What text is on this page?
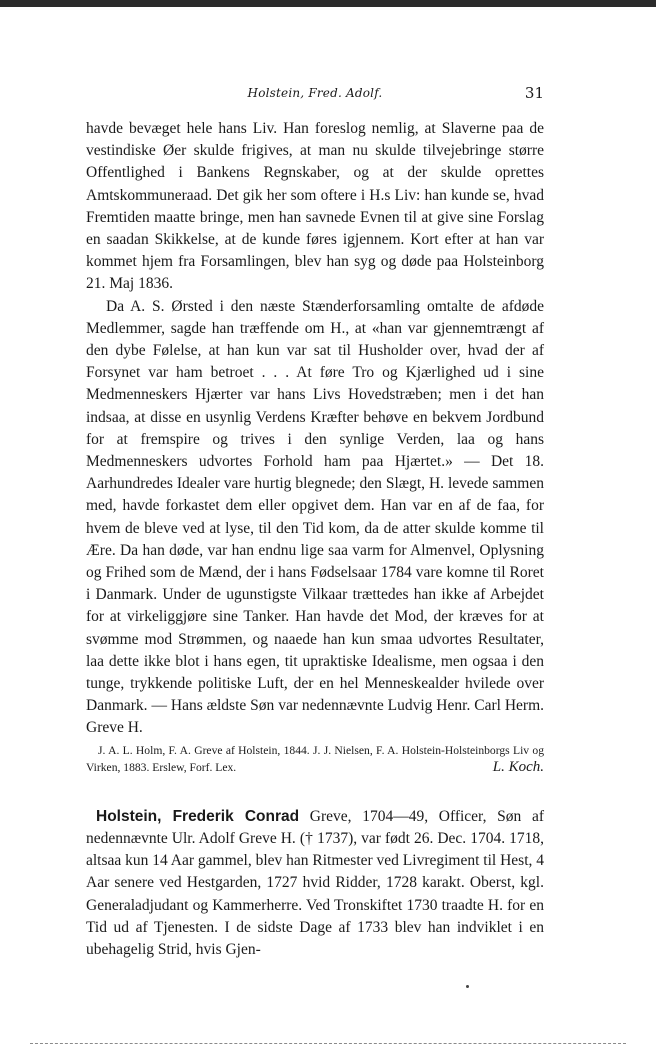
Holstein, Fred. Adolf.	31

havde bevæget hele hans Liv. Han foreslog nemlig, at Slaverne paa de vestindiske Øer skulde frigives, at man nu skulde tilvejebringe større Offentlighed i Bankens Regnskaber, og at der skulde oprettes Amtskommuneraad. Det gik her som oftere i H.s Liv: han kunde se, hvad Fremtiden maatte bringe, men han savnede Evnen til at give sine Forslag en saadan Skikkelse, at de kunde føres igjennem. Kort efter at han var kommet hjem fra Forsamlingen, blev han syg og døde paa Holsteinborg 21. Maj 1836.

Da A. S. Ørsted i den næste Stænderforsamling omtalte de afdøde Medlemmer, sagde han træffende om H., at «han var gjennemtrængt af den dybe Følelse, at han kun var sat til Husholder over, hvad der af Forsynet var ham betroet . . . At føre Tro og Kjærlighed ud i sine Medmenneskers Hjærter var hans Livs Hovedstræben; men i det han indsaa, at disse en usynlig Verdens Kræfter behøve en bekvem Jordbund for at fremspire og trives i den synlige Verden, laa og hans Medmenneskers udvortes Forhold ham paa Hjærtet.» — Det 18. Aarhundredes Idealer vare hurtig blegnede; den Slægt, H. levede sammen med, havde forkastet dem eller opgivet dem. Han var en af de faa, for hvem de bleve ved at lyse, til den Tid kom, da de atter skulde komme til Ære. Da han døde, var han endnu lige saa varm for Almenvel, Oplysning og Frihed som de Mænd, der i hans Fødselsaar 1784 vare komne til Roret i Danmark. Under de ugunstigste Vilkaar trættedes han ikke af Arbejdet for at virkeliggjøre sine Tanker. Han havde det Mod, der kræves for at svømme mod Strømmen, og naaede han kun smaa udvortes Resultater, laa dette ikke blot i hans egen, tit upraktiske Idealisme, men ogsaa i den tunge, trykkende politiske Luft, der en hel Menneskealder hvilede over Danmark. — Hans ældste Søn var nedennævnte Ludvig Henr. Carl Herm. Greve H.

J. A. L. Holm, F. A. Greve af Holstein, 1844. J. J. Nielsen, F. A. Holstein-Holsteinborgs Liv og Virken, 1883. Erslew, Forf. Lex.	L. Koch.

Holstein, Frederik Conrad Greve, 1704—49, Officer, Søn af nedennævnte Ulr. Adolf Greve H. († 1737), var født 26. Dec. 1704. 1718, altsaa kun 14 Aar gammel, blev han Ritmester ved Livregiment til Hest, 4 Aar senere ved Hestgarden, 1727 hvid Ridder, 1728 karakt. Oberst, kgl. Generaladjudant og Kammerherre. Ved Tronskiftet 1730 traadte H. for en Tid ud af Tjenesten. I de sidste Dage af 1733 blev han indviklet i en ubehagelig Strid, hvis Gjen-
